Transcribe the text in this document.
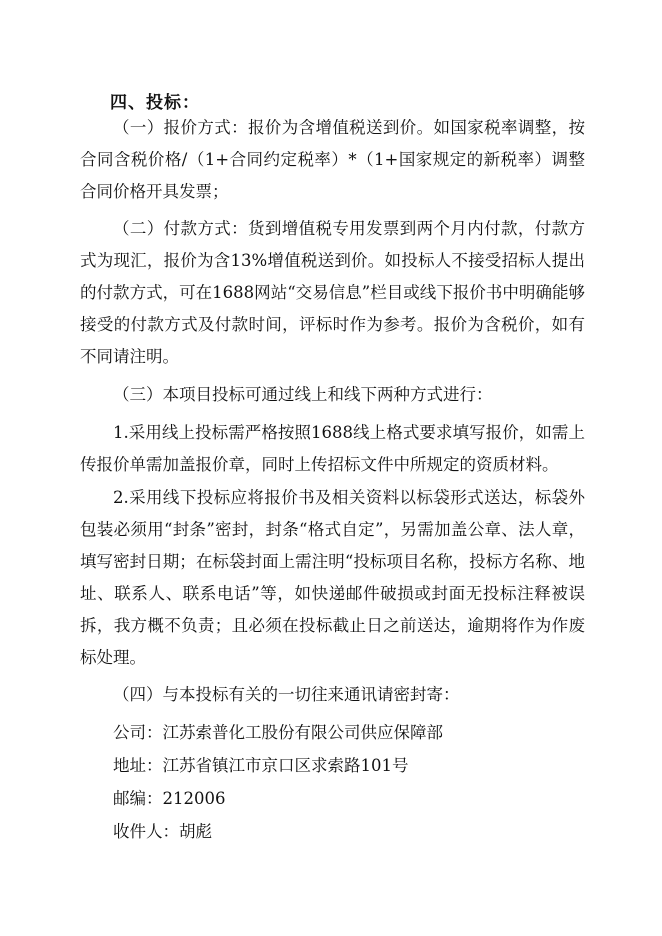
四、投标：

（一）报价方式：报价为含增值税送到价。如国家税率调整，按合同含税价格/（1+合同约定税率）*（1+国家规定的新税率）调整合同价格开具发票；

（二）付款方式：货到增值税专用发票到两个月内付款，付款方式为现汇，报价为含13%增值税送到价。如投标人不接受招标人提出的付款方式，可在1688网站“交易信息”栏目或线下报价书中明确能够接受的付款方式及付款时间，评标时作为参考。报价为含税价，如有不同请注明。

（三）本项目投标可通过线上和线下两种方式进行：

1.采用线上投标需严格按照1688线上格式要求填写报价，如需上传报价单需加盖报价章，同时上传招标文件中所规定的资质材料。

2.采用线下投标应将报价书及相关资料以标袋形式送达，标袋外包装必须用“封条”密封，封条“格式自定”，另需加盖公章、法人章，填写密封日期；在标袋封面上需注明“投标项目名称，投标方名称、地址、联系人、联系电话”等，如快递邮件破损或封面无投标注释被误拆，我方概不负责；且必须在投标截止日之前送达，逾期将作为作废标处理。

（四）与本投标有关的一切往来通讯请密封寄：

公司：江苏索普化工股份有限公司供应保障部
地址：江苏省镇江市京口区求索路101号
邮编：212006
收件人：胡彪
